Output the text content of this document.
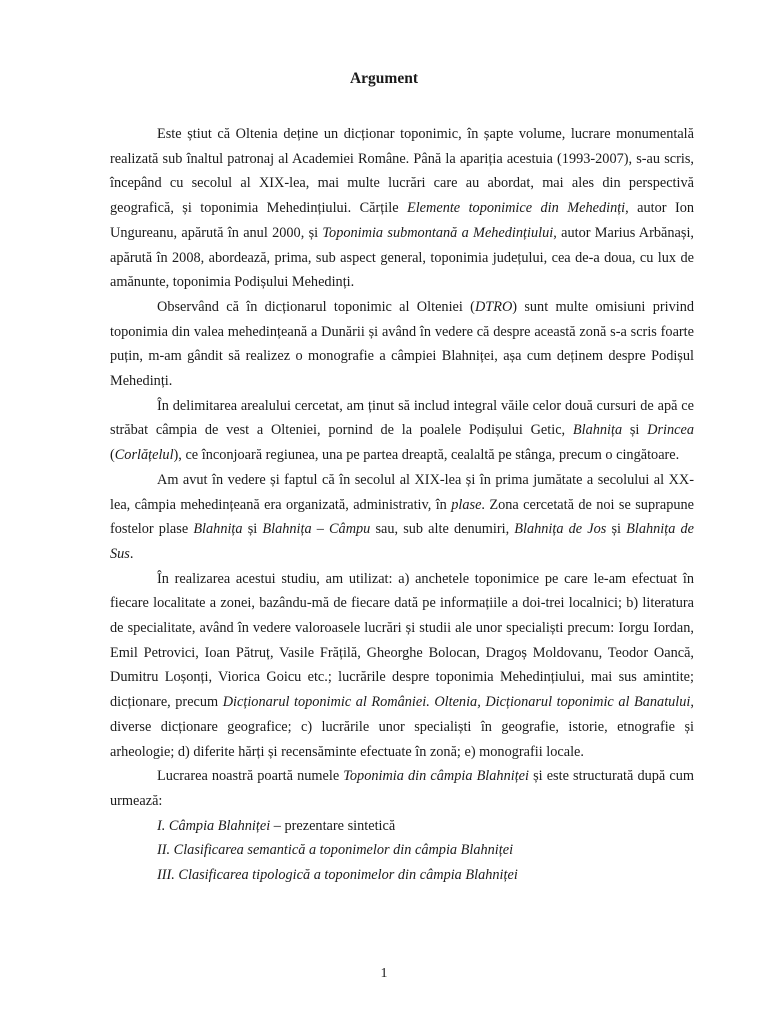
Argument

Este știut că Oltenia deține un dicționar toponimic, în șapte volume, lucrare monumentală realizată sub înaltul patronaj al Academiei Române. Până la apariția acestuia (1993-2007), s-au scris, începând cu secolul al XIX-lea, mai multe lucrări care au abordat, mai ales din perspectivă geografică, și toponimia Mehedințiului. Cărțile Elemente toponimice din Mehedinți, autor Ion Ungureanu, apărută în anul 2000, și Toponimia submontană a Mehedințiului, autor Marius Arbănași, apărută în 2008, abordează, prima, sub aspect general, toponimia județului, cea de-a doua, cu lux de amănunte, toponimia Podișului Mehedinți.

Observând că în dicționarul toponimic al Olteniei (DTRO) sunt multe omisiuni privind toponimia din valea mehedințeană a Dunării și având în vedere că despre această zonă s-a scris foarte puțin, m-am gândit să realizez o monografie a câmpiei Blahniței, așa cum deținem despre Podișul Mehedinți.

În delimitarea arealului cercetat, am ținut să includ integral văile celor două cursuri de apă ce străbat câmpia de vest a Olteniei, pornind de la poalele Podișului Getic, Blahnița și Drincea (Corlățelul), ce înconjoară regiunea, una pe partea dreaptă, cealaltă pe stânga, precum o cingătoare.

Am avut în vedere și faptul că în secolul al XIX-lea și în prima jumătate a secolului al XX-lea, câmpia mehedințeană era organizată, administrativ, în plase. Zona cercetată de noi se suprapune fostelor plase Blahnița și Blahnița – Câmpu sau, sub alte denumiri, Blahnița de Jos și Blahnița de Sus.

În realizarea acestui studiu, am utilizat: a) anchetele toponimice pe care le-am efectuat în fiecare localitate a zonei, bazându-mă de fiecare dată pe informațiile a doi-trei localnici; b) literatura de specialitate, având în vedere valoroasele lucrări și studii ale unor specialiști precum: Iorgu Iordan, Emil Petrovici, Ioan Pătruț, Vasile Frățilă, Gheorghe Bolocan, Dragoș Moldovanu, Teodor Oancă, Dumitru Loșonți, Viorica Goicu etc.; lucrările despre toponimia Mehedințiului, mai sus amintite; dicționare, precum Dicționarul toponimic al României. Oltenia, Dicționarul toponimic al Banatului, diverse dicționare geografice; c) lucrările unor specialiști în geografie, istorie, etnografie și arheologie; d) diferite hărți și recensăminte efectuate în zonă; e) monografii locale.

Lucrarea noastră poartă numele Toponimia din câmpia Blahniței și este structurată după cum urmează:

I. Câmpia Blahniței – prezentare sintetică
II. Clasificarea semantică a toponimelor din câmpia Blahniței
III. Clasificarea tipologică a toponimelor din câmpia Blahniței
1
